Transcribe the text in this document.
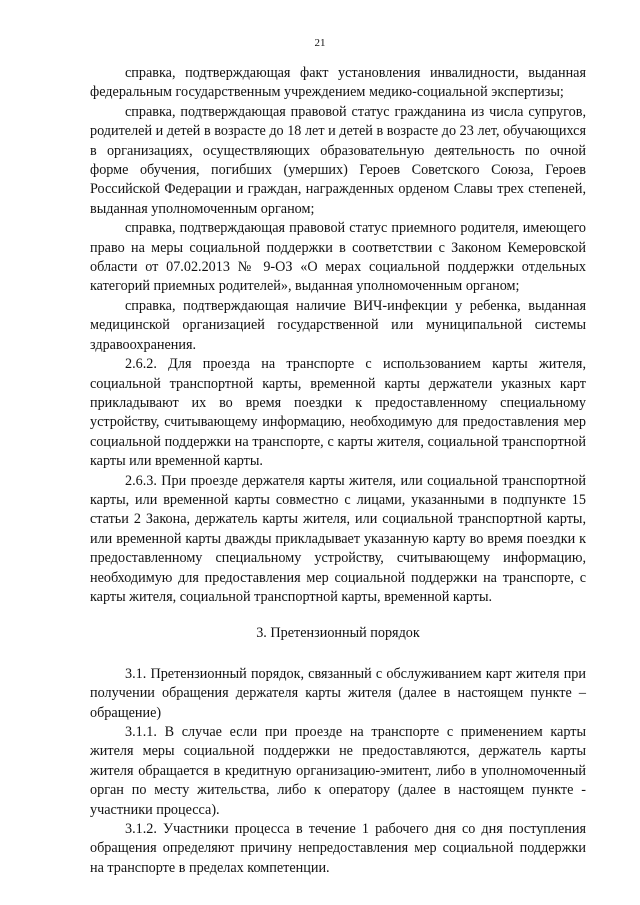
21

справка, подтверждающая факт установления инвалидности, выданная федеральным государственным учреждением медико-социальной экспертизы;

справка, подтверждающая правовой статус гражданина из числа супругов, родителей и детей в возрасте до 18 лет и детей в возрасте до 23 лет, обучающихся в организациях, осуществляющих образовательную деятельность по очной форме обучения, погибших (умерших) Героев Советского Союза, Героев Российской Федерации и граждан, награжденных орденом Славы трех степеней, выданная уполномоченным органом;

справка, подтверждающая правовой статус приемного родителя, имеющего право на меры социальной поддержки в соответствии с Законом Кемеровской области от 07.02.2013 № 9-ОЗ «О мерах социальной поддержки отдельных категорий приемных родителей», выданная уполномоченным органом;

справка, подтверждающая наличие ВИЧ-инфекции у ребенка, выданная медицинской организацией государственной или муниципальной системы здравоохранения.

2.6.2. Для проезда на транспорте с использованием карты жителя, социальной транспортной карты, временной карты держатели указных карт прикладывают их во время поездки к предоставленному специальному устройству, считывающему информацию, необходимую для предоставления мер социальной поддержки на транспорте, с карты жителя, социальной транспортной карты или временной карты.

2.6.3. При проезде держателя карты жителя, или социальной транспортной карты, или временной карты совместно с лицами, указанными в подпункте 15 статьи 2 Закона, держатель карты жителя, или социальной транспортной карты, или временной карты дважды прикладывает указанную карту во время поездки к предоставленному специальному устройству, считывающему информацию, необходимую для предоставления мер социальной поддержки на транспорте, с карты жителя, социальной транспортной карты, временной карты.

3. Претензионный порядок

3.1. Претензионный порядок, связанный с обслуживанием карт жителя при получении обращения держателя карты жителя (далее в настоящем пункте – обращение)

3.1.1. В случае если при проезде на транспорте с применением карты жителя меры социальной поддержки не предоставляются, держатель карты жителя обращается в кредитную организацию-эмитент, либо в уполномоченный орган по месту жительства, либо к оператору (далее в настоящем пункте - участники процесса).

3.1.2. Участники процесса в течение 1 рабочего дня со дня поступления обращения определяют причину непредоставления мер социальной поддержки на транспорте в пределах компетенции.
